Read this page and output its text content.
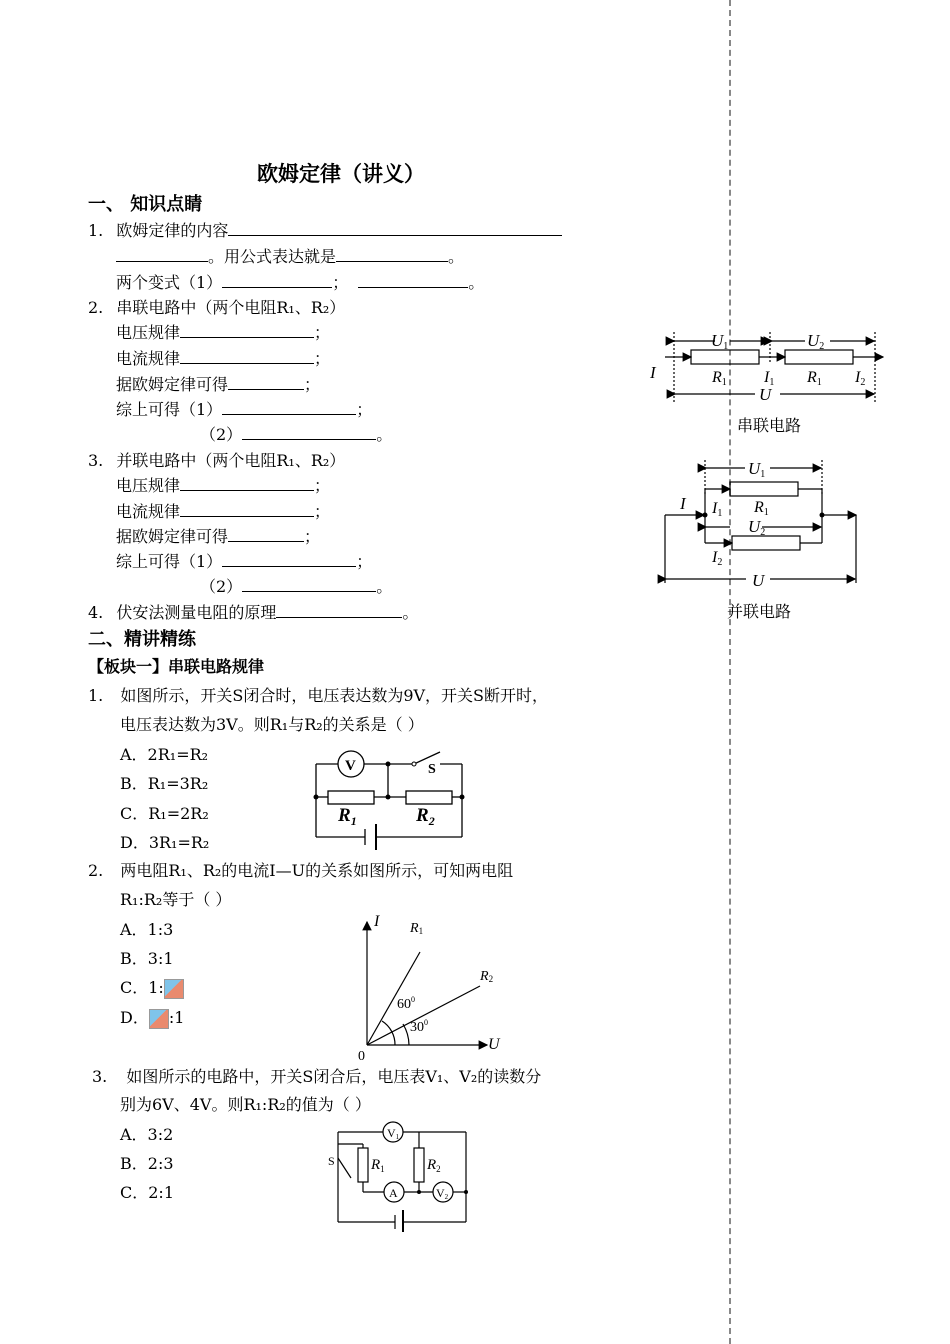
欧姆定律（讲义）
一、 知识点睛
1. 欧姆定律的内容
。用公式表达就是	。
两个变式（1）	；	。
2. 串联电路中（两个电阻R₁、R₂）
电压规律	；
电流规律	；
据欧姆定律可得	；
综上可得（1）	；
（2）	。
3. 并联电路中（两个电阻R₁、R₂）
电压规律	；
电流规律	；
据欧姆定律可得	；
综上可得（1）	；
（2）	。
4. 伏安法测量电阻的原理	。
二、精讲精练
【板块一】串联电路规律
1. 如图所示，开关S闭合时，电压表达数为9V，开关S断开时，
电压表达数为3V。则R₁与R₂的关系是（ ）
A．2R₁=R₂
B．R₁=3R₂
C．R₁=2R₂
D．3R₁=R₂
2. 两电阻R₁、R₂的电流I—U的关系如图所示，可知两电阻
R₁:R₂等于（ ）
A．1:3
B．3:1
C．1:
D． :1
3. 如图所示的电路中，开关S闭合后，电压表V₁、V₂的读数分
别为6V、4V。则R₁:R₂的值为（ ）
A．3:2
B．2:3
C．2:1
U1	U2
I	R1 I1 R1 I2
U
串联电路
U1
I I1 R1
U2
I2
U
并联电路
V	S
$R_1$	$R_2$
I
U
0
R1
R2
$60^0$
$30^0$
S
V1
A	V2
$R_1$	$R_2$
